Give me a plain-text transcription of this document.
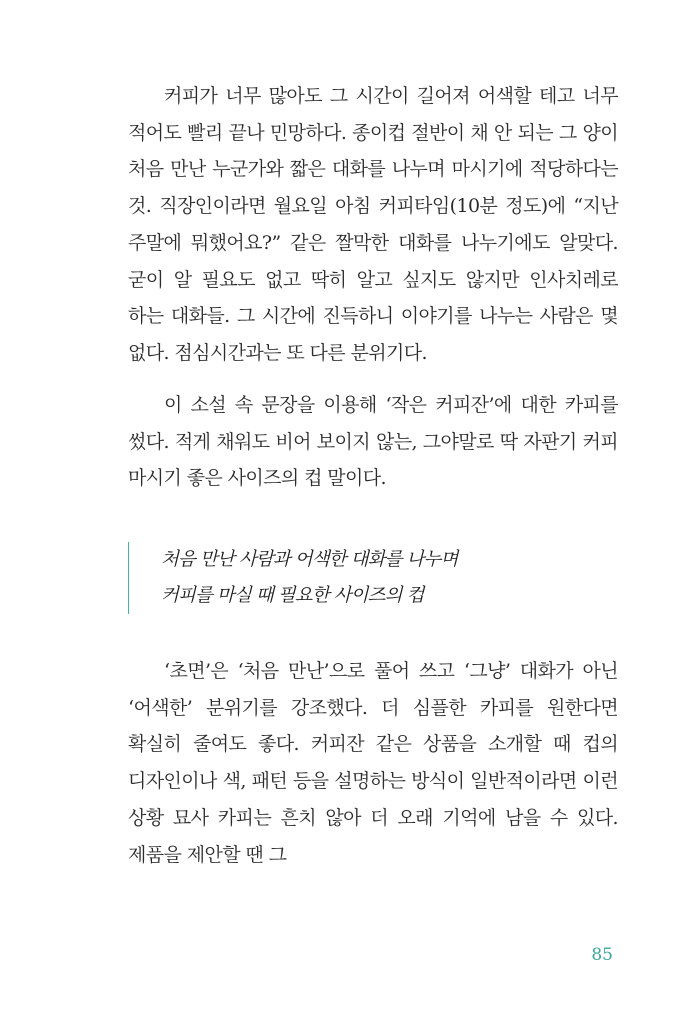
커피가 너무 많아도 그 시간이 길어져 어색할 테고 너무 적어도 빨리 끝나 민망하다. 종이컵 절반이 채 안 되는 그 양이 처음 만난 누군가와 짧은 대화를 나누며 마시기에 적당하다는 것. 직장인이라면 월요일 아침 커피타임(10분 정도)에 “지난 주말에 뭐했어요?” 같은 짤막한 대화를 나누기에도 알맞다. 굳이 알 필요도 없고 딱히 알고 싶지도 않지만 인사치레로 하는 대화들. 그 시간에 진득하니 이야기를 나누는 사람은 몇 없다. 점심시간과는 또 다른 분위기다.

이 소설 속 문장을 이용해 ‘작은 커피잔’에 대한 카피를 썼다. 적게 채워도 비어 보이지 않는, 그야말로 딱 자판기 커피 마시기 좋은 사이즈의 컵 말이다.

처음 만난 사람과 어색한 대화를 나누며
커피를 마실 때 필요한 사이즈의 컵

‘초면’은 ‘처음 만난’으로 풀어 쓰고 ‘그냥’ 대화가 아닌 ‘어색한’ 분위기를 강조했다. 더 심플한 카피를 원한다면 확실히 줄여도 좋다. 커피잔 같은 상품을 소개할 때 컵의 디자인이나 색, 패턴 등을 설명하는 방식이 일반적이라면 이런 상황 묘사 카피는 흔치 않아 더 오래 기억에 남을 수 있다. 제품을 제안할 땐 그

85
